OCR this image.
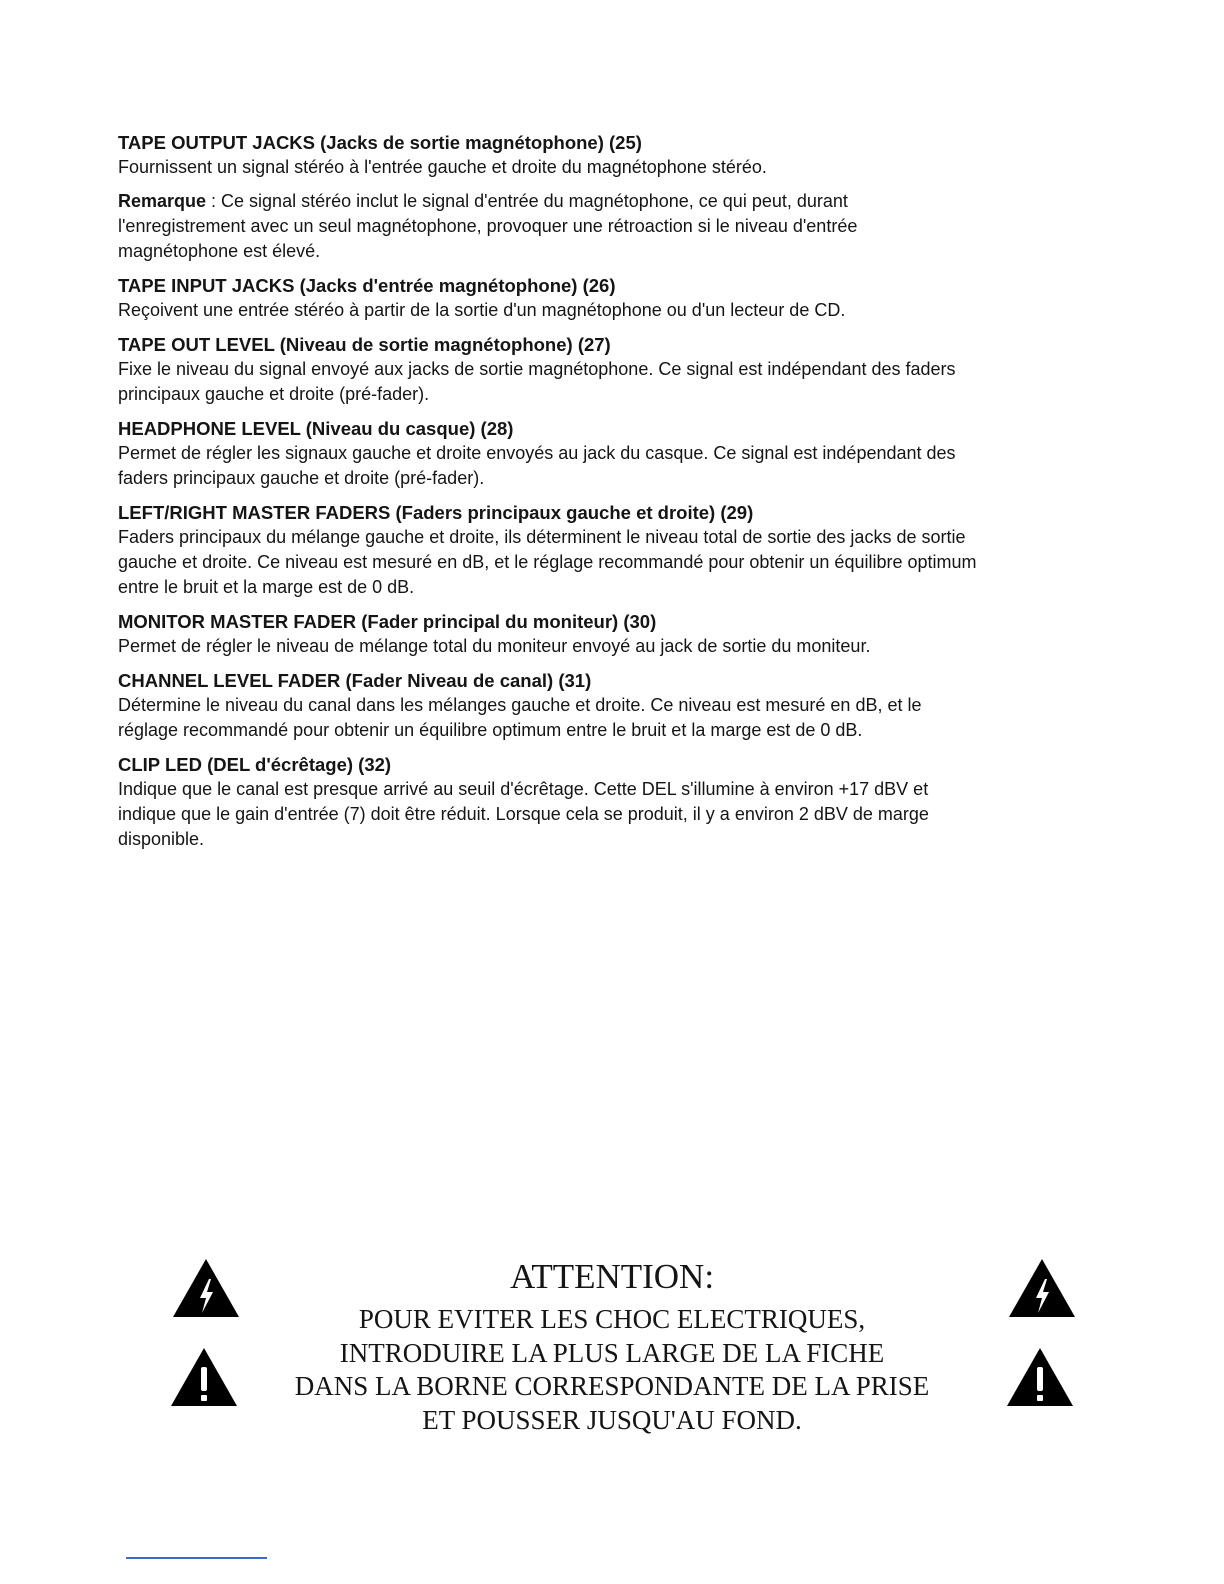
TAPE OUTPUT JACKS (Jacks de sortie magnétophone) (25)

Fournissent un signal stéréo à l'entrée gauche et droite du magnétophone stéréo.

Remarque : Ce signal stéréo inclut le signal d'entrée du magnétophone, ce qui peut, durant
l'enregistrement avec un seul magnétophone, provoquer une rétroaction si le niveau d'entrée
magnétophone est élevé.

TAPE INPUT JACKS (Jacks d'entrée magnétophone) (26)

Reçoivent une entrée stéréo à partir de la sortie d'un magnétophone ou d'un lecteur de CD.

TAPE OUT LEVEL (Niveau de sortie magnétophone) (27)

Fixe le niveau du signal envoyé aux jacks de sortie magnétophone. Ce signal est indépendant des faders
principaux gauche et droite (pré-fader).

HEADPHONE LEVEL (Niveau du casque) (28)

Permet de régler les signaux gauche et droite envoyés au jack du casque. Ce signal est indépendant des
faders principaux gauche et droite (pré-fader).

LEFT/RIGHT MASTER FADERS (Faders principaux gauche et droite) (29)

Faders principaux du mélange gauche et droite, ils déterminent le niveau total de sortie des jacks de sortie
gauche et droite. Ce niveau est mesuré en dB, et le réglage recommandé pour obtenir un équilibre optimum
entre le bruit et la marge est de 0 dB.

MONITOR MASTER FADER (Fader principal du moniteur) (30)

Permet de régler le niveau de mélange total du moniteur envoyé au jack de sortie du moniteur.

CHANNEL LEVEL FADER (Fader Niveau de canal) (31)

Détermine le niveau du canal dans les mélanges gauche et droite. Ce niveau est mesuré en dB, et le
réglage recommandé pour obtenir un équilibre optimum entre le bruit et la marge est de 0 dB.

CLIP LED (DEL d'écrêtage) (32)

Indique que le canal est presque arrivé au seuil d'écrêtage. Cette DEL s'illumine à environ +17 dBV et
indique que le gain d'entrée (7) doit être réduit. Lorsque cela se produit, il y a environ 2 dBV de marge
disponible.

ATTENTION:

POUR EVITER LES CHOC ELECTRIQUES,

INTRODUIRE LA PLUS LARGE DE LA FICHE

DANS LA BORNE CORRESPONDANTE DE LA PRISE

ET POUSSER JUSQU'AU FOND.
